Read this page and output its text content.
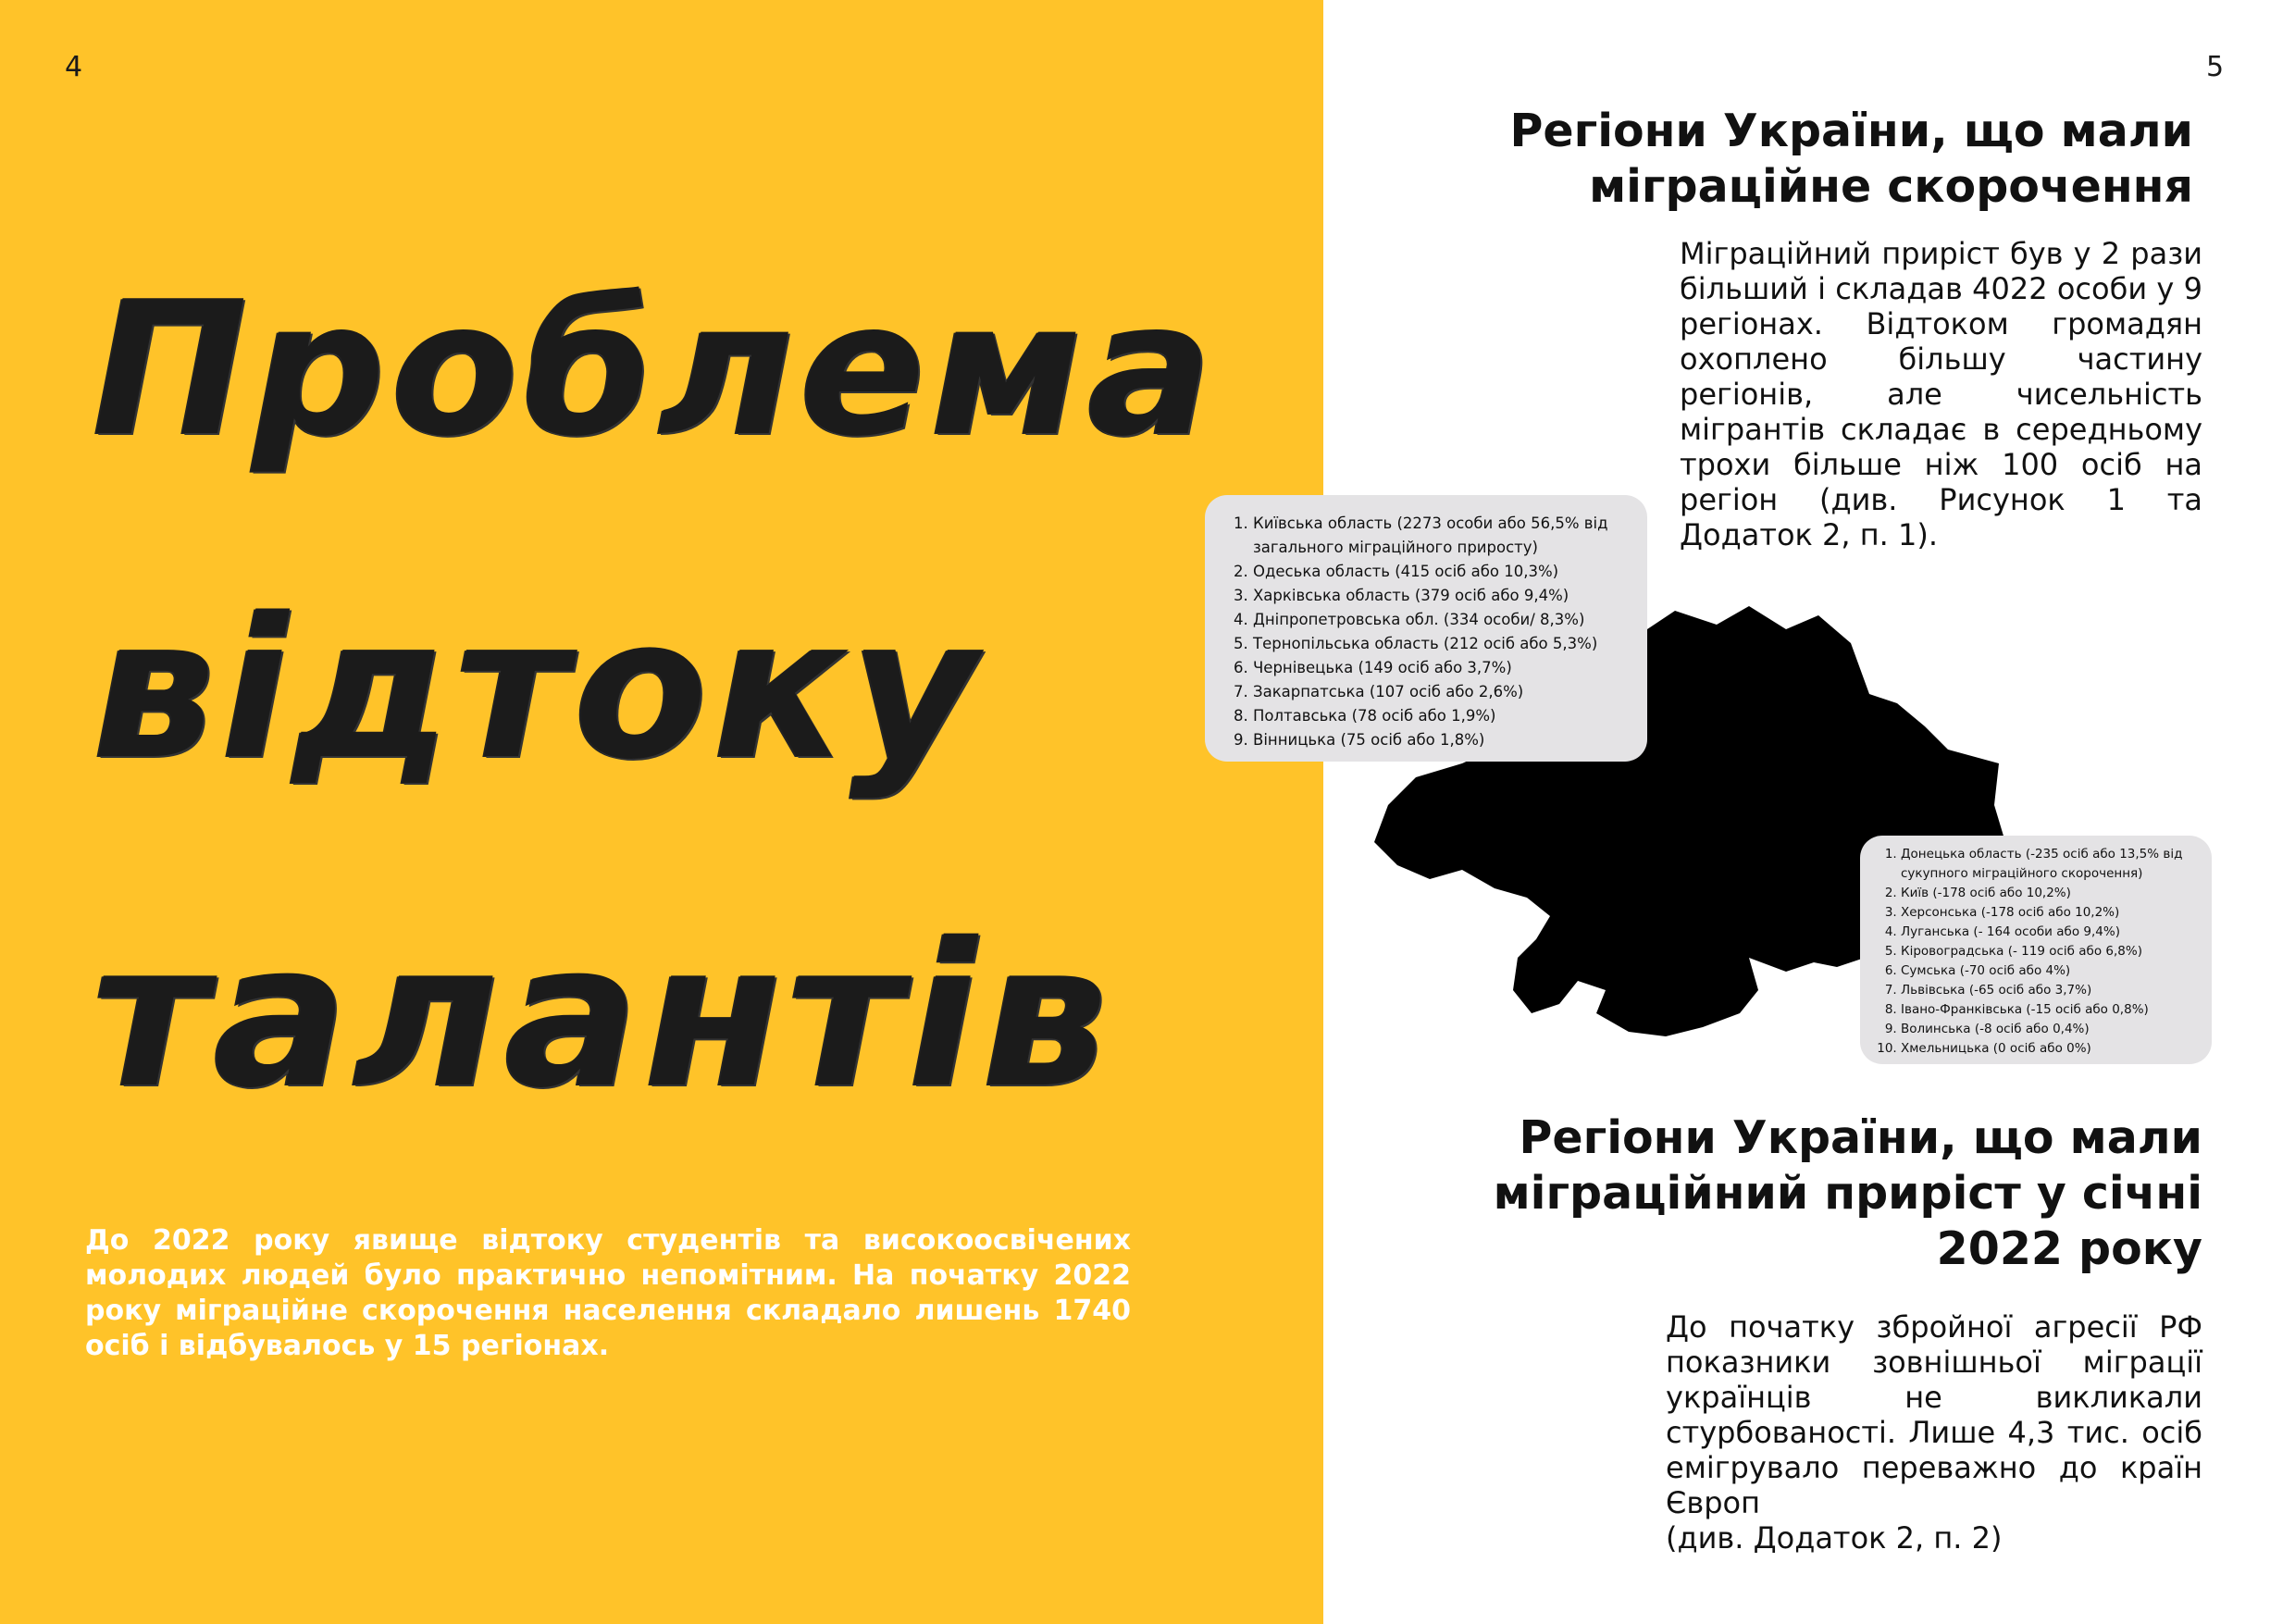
4
Проблема
відтоку
талантів
До 2022 року явище відтоку студентів та високоосвічених молодих людей було практично непомітним. На початку 2022 року міграційне скорочення населення складало лишень 1740 осіб і відбувалось у 15 регіонах.
5
Регіони України, що мали міграційне скорочення
Міграційний приріст був у 2 рази більший і складав 4022 особи у 9 регіонах. Відтоком громадян охоплено більшу частину регіонів, але чисельність мігрантів складає в середньому трохи більше ніж 100 осіб на регіон (див. Рисунок 1 та Додаток 2, п. 1).
1. Київська область (2273 особи або 56,5% від загального міграційного приросту)
2. Одеська область (415 осіб або 10,3%)
3. Харківська область (379 осіб або 9,4%)
4. Дніпропетровська обл. (334 особи/ 8,3%)
5. Тернопільська область (212 осіб або 5,3%)
6. Чернівецька (149 осіб або 3,7%)
7. Закарпатська (107 осіб або 2,6%)
8. Полтавська (78 осіб або 1,9%)
9. Вінницька (75 осіб або 1,8%)
1. Донецька область (-235 осіб або 13,5% від сукупного міграційного скорочення)
2. Київ (-178 осіб або 10,2%)
3. Херсонська (-178 осіб або 10,2%)
4. Луганська (- 164 особи або 9,4%)
5. Кіровоградська (- 119 осіб або 6,8%)
6. Сумська (-70 осіб або 4%)
7. Львівська (-65 осіб або 3,7%)
8. Івано-Франківська (-15 осіб або 0,8%)
9. Волинська (-8 осіб або 0,4%)
10. Хмельницька (0 осіб або 0%)
Регіони України, що мали міграційний приріст у січні 2022 року
До початку збройної агресії РФ показники зовнішньої міграції українців не викликали стурбованості. Лише 4,3 тис. осіб емігрувало переважно до країн Європ
(див. Додаток 2, п. 2)
